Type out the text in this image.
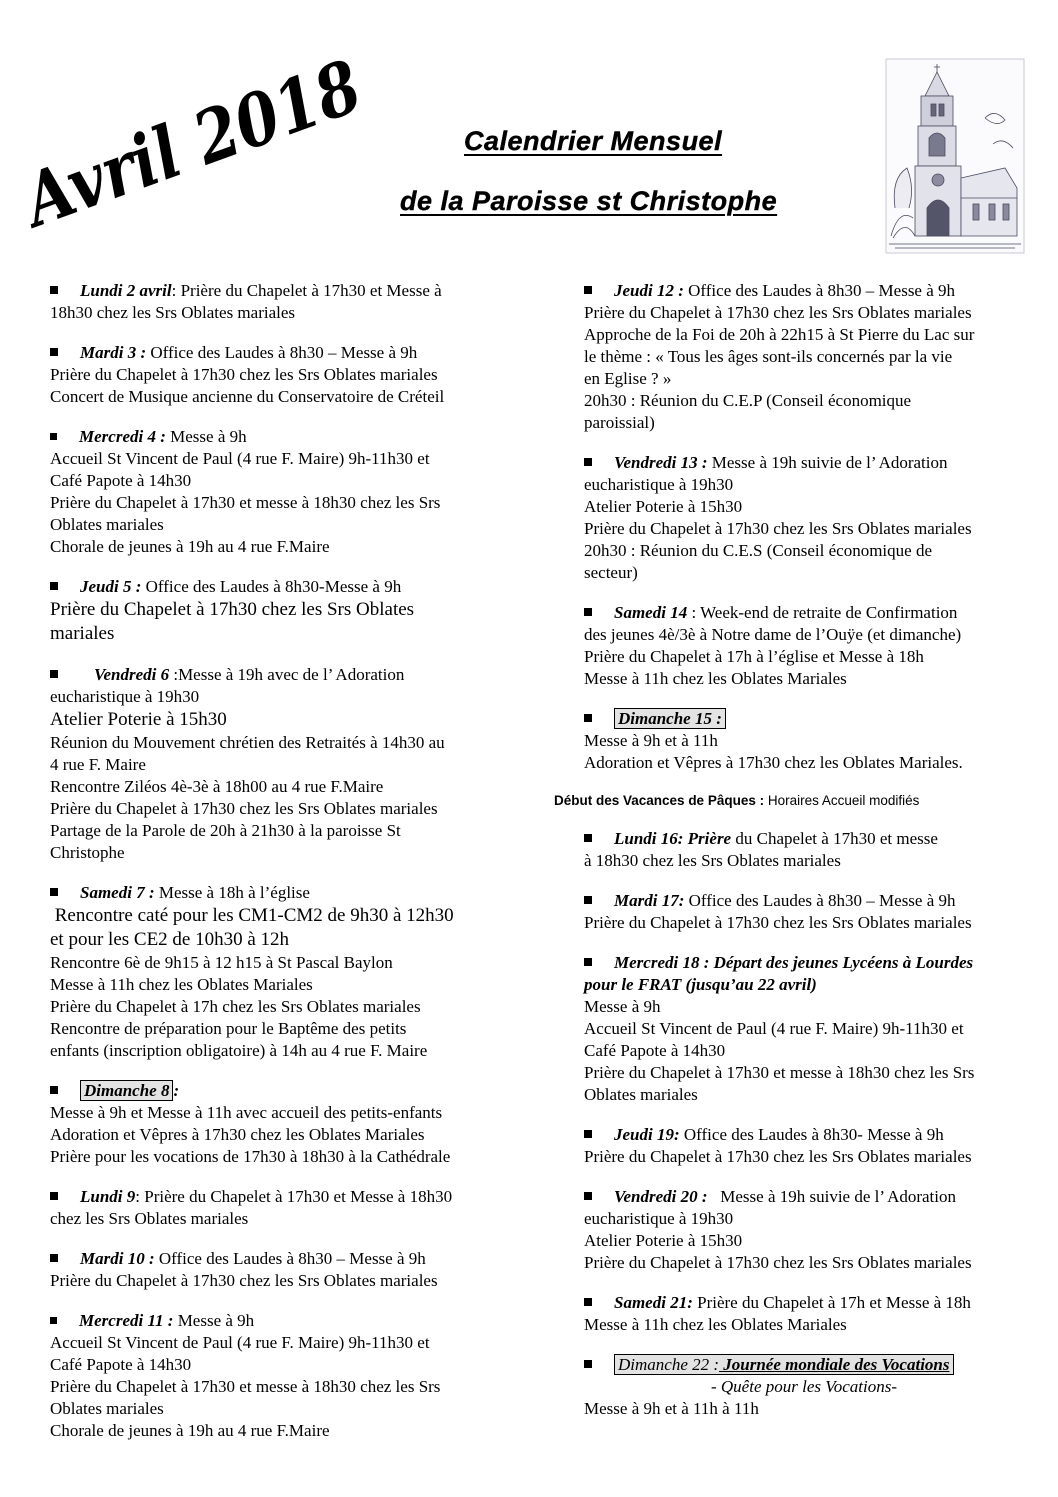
Avril 2018	Calendrier Mensuel
de la Paroisse st Christophe
Lundi 2 avril: Prière du Chapelet à 17h30 et Messe à
18h30 chez les Srs Oblates mariales
Mardi 3 : Office des Laudes à 8h30 – Messe à 9h
Prière du Chapelet à 17h30 chez les Srs Oblates mariales
Concert de Musique ancienne du Conservatoire de Créteil
Mercredi 4 : Messe à 9h
Accueil St Vincent de Paul (4 rue F. Maire) 9h-11h30 et
Café Papote à 14h30
Prière du Chapelet à 17h30 et messe à 18h30 chez les Srs
Oblates mariales
Chorale de jeunes à 19h au 4 rue F.Maire
Jeudi 5 : Office des Laudes à 8h30-Messe à 9h
Prière du Chapelet à 17h30 chez les Srs Oblates
mariales
Vendredi 6 :Messe à 19h avec de l’ Adoration
eucharistique à 19h30
Atelier Poterie à 15h30
Réunion du Mouvement chrétien des Retraités à 14h30 au
4 rue F. Maire
Rencontre Ziléos 4è-3è à 18h00 au 4 rue F.Maire
Prière du Chapelet à 17h30 chez les Srs Oblates mariales
Partage de la Parole de 20h à 21h30 à la paroisse St
Christophe
Samedi 7 : Messe à 18h à l’église
Rencontre caté pour les CM1-CM2 de 9h30 à 12h30
et pour les CE2 de 10h30 à 12h
Rencontre 6è de 9h15 à 12 h15 à St Pascal Baylon
Messe à 11h chez les Oblates Mariales
Prière du Chapelet à 17h chez les Srs Oblates mariales
Rencontre de préparation pour le Baptême des petits
enfants (inscription obligatoire) à 14h au 4 rue F. Maire
Dimanche 8 :
Messe à 9h et Messe à 11h avec accueil des petits-enfants
Adoration et Vêpres à 17h30 chez les Oblates Mariales
Prière pour les vocations de 17h30 à 18h30 à la Cathédrale
Lundi 9: Prière du Chapelet à 17h30 et Messe à 18h30
chez les Srs Oblates mariales
Mardi 10 : Office des Laudes à 8h30 – Messe à 9h
Prière du Chapelet à 17h30 chez les Srs Oblates mariales
Mercredi 11 : Messe à 9h
Accueil St Vincent de Paul (4 rue F. Maire) 9h-11h30 et
Café Papote à 14h30
Prière du Chapelet à 17h30 et messe à 18h30 chez les Srs
Oblates mariales
Chorale de jeunes à 19h au 4 rue F.Maire
Jeudi 12 : Office des Laudes à 8h30 – Messe à 9h
Prière du Chapelet à 17h30 chez les Srs Oblates mariales
Approche de la Foi de 20h à 22h15 à St Pierre du Lac sur
le thème : « Tous les âges sont-ils concernés par la vie
en Eglise ? »
20h30 : Réunion du C.E.P (Conseil économique
paroissial)
Vendredi 13 : Messe à 19h suivie de l’ Adoration
eucharistique à 19h30
Atelier Poterie à 15h30
Prière du Chapelet à 17h30 chez les Srs Oblates mariales
20h30 : Réunion du C.E.S (Conseil économique de
secteur)
Samedi 14 : Week-end de retraite de Confirmation
des jeunes 4è/3è à Notre dame de l’Ouÿe (et dimanche)
Prière du Chapelet à 17h à l’église et Messe à 18h
Messe à 11h chez les Oblates Mariales
Dimanche 15 :
Messe à 9h et à 11h
Adoration et Vêpres à 17h30 chez les Oblates Mariales.
Début des Vacances de Pâques : Horaires Accueil modifiés
Lundi 16: Prière du Chapelet à 17h30 et messe
à 18h30 chez les Srs Oblates mariales
Mardi 17: Office des Laudes à 8h30 – Messe à 9h
Prière du Chapelet à 17h30 chez les Srs Oblates mariales
Mercredi 18 : Départ des jeunes Lycéens à Lourdes
pour le FRAT (jusqu’au 22 avril)
Messe à 9h
Accueil St Vincent de Paul (4 rue F. Maire) 9h-11h30 et
Café Papote à 14h30
Prière du Chapelet à 17h30 et messe à 18h30 chez les Srs
Oblates mariales
Jeudi 19: Office des Laudes à 8h30- Messe à 9h
Prière du Chapelet à 17h30 chez les Srs Oblates mariales
Vendredi 20 :   Messe à 19h suivie de l’ Adoration
eucharistique à 19h30
Atelier Poterie à 15h30
Prière du Chapelet à 17h30 chez les Srs Oblates mariales
Samedi 21: Prière du Chapelet à 17h et Messe à 18h
Messe à 11h chez les Oblates Mariales
Dimanche 22 : Journée mondiale des Vocations
- Quête pour les Vocations-
Messe à 9h et à 11h à 11h
